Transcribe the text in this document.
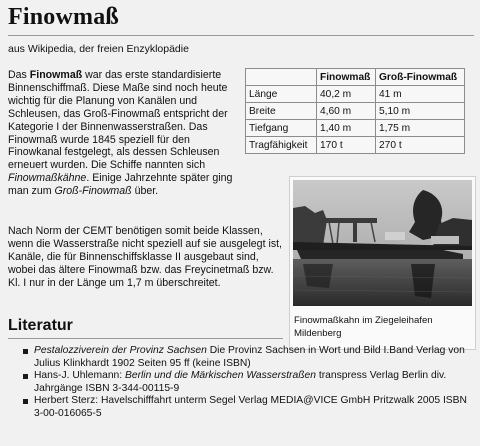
Finowmaß
aus Wikipedia, der freien Enzyklopädie
Das Finowmaß war das erste standardisierte Binnenschiffmaß. Diese Maße sind noch heute wichtig für die Planung von Kanälen und Schleusen, das Groß-Finowmaß entspricht der Kategorie I der Binnenwasserstraßen. Das Finowmaß wurde 1845 speziell für den Finowkanal festgelegt, als dessen Schleusen erneuert wurden. Die Schiffe nannten sich Finowmaßkähne. Einige Jahrzehnte später ging man zum Groß-Finowmaß über.
Nach Norm der CEMT benötigen somit beide Klassen, wenn die Wasserstraße nicht speziell auf sie ausgelegt ist, Kanäle, die für Binnenschiffsklasse II ausgebaut sind, wobei das ältere Finowmaß bzw. das Freycinetmaß bzw. Kl. I nur in der Länge um 1,7 m überschreitet.
	Finowmaß	Groß-Finowmaß
Länge	40,2 m	41 m
Breite	4,60 m	5,10 m
Tiefgang	1,40 m	1,75 m
Tragfähigkeit	170 t	270 t
Finowmaßkahn im Ziegeleihafen Mildenberg
Literatur
Pestalozziverein der Provinz Sachsen Die Provinz Sachsen in Wort und Bild I.Band Verlag von Julius Klinkhardt 1902 Seiten 95 ff (keine ISBN)
Hans-J. Uhlemann: Berlin und die Märkischen Wasserstraßen transpress Verlag Berlin div. Jahrgänge ISBN 3-344-00115-9
Herbert Sterz: Havelschifffahrt unterm Segel Verlag MEDIA@VICE GmbH Pritzwalk 2005 ISBN 3-00-016065-5
